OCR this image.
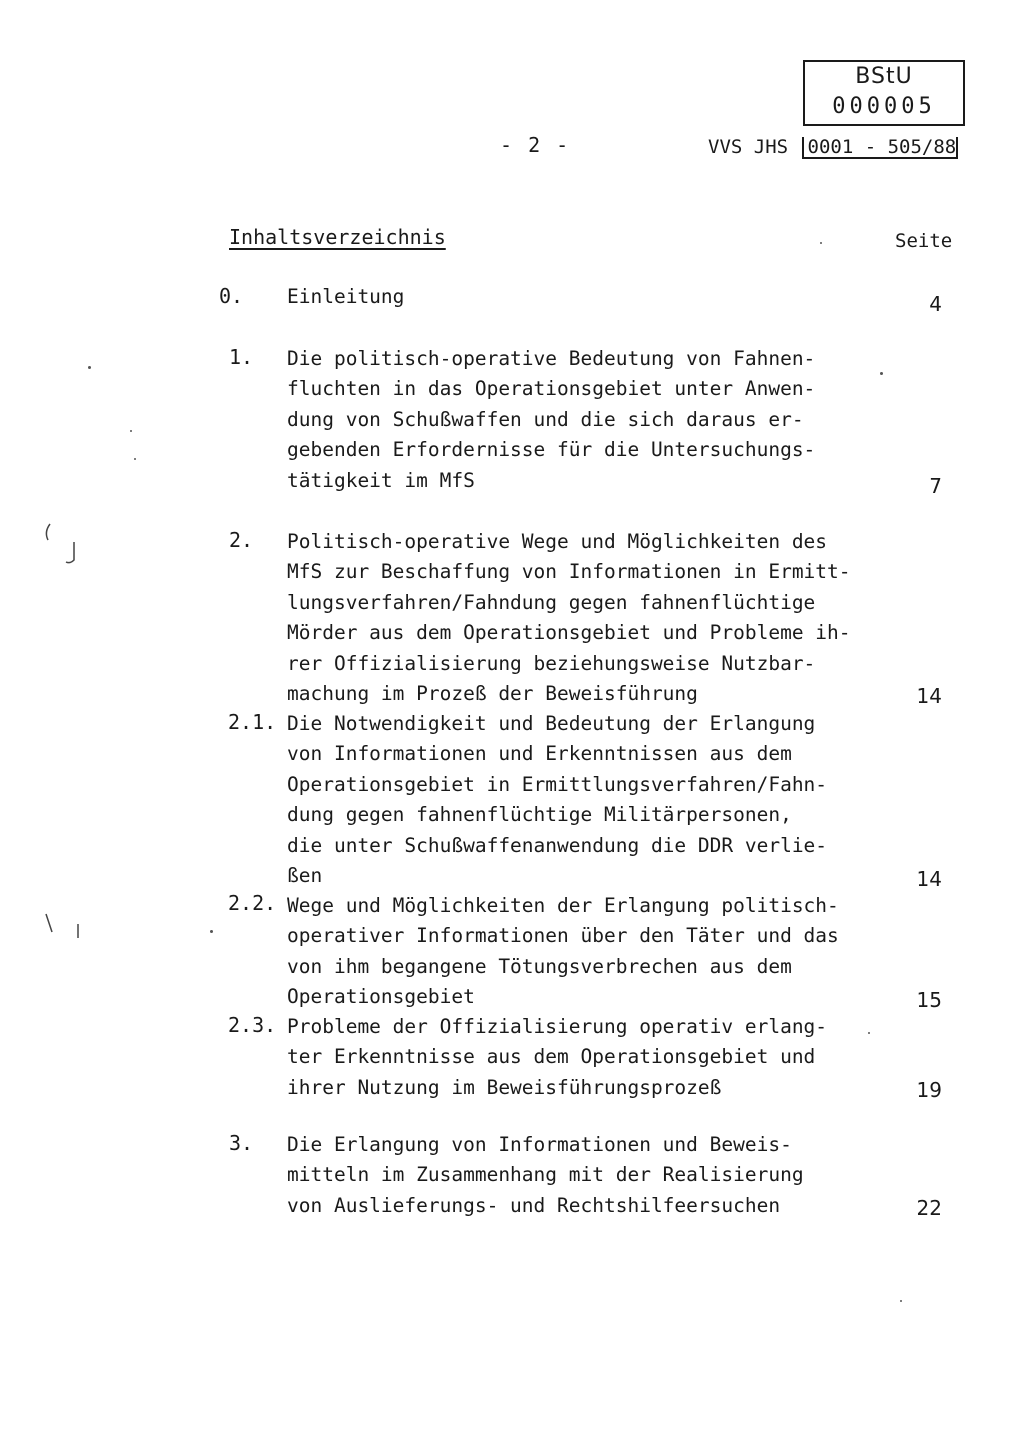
BStU
000005
- 2 -	VVS JHS 0001 - 505/88
Inhaltsverzeichnis	Seite
0. Einleitung	4
1. Die politisch-operative Bedeutung von Fahnen-
fluchten in das Operationsgebiet unter Anwen-
dung von Schußwaffen und die sich daraus er-
gebenden Erfordernisse für die Untersuchungs-
tätigkeit im MfS	7
2. Politisch-operative Wege und Möglichkeiten des
MfS zur Beschaffung von Informationen in Ermitt-
lungsverfahren/Fahndung gegen fahnenflüchtige
Mörder aus dem Operationsgebiet und Probleme ih-
rer Offizialisierung beziehungsweise Nutzbar-
machung im Prozeß der Beweisführung	14
2.1. Die Notwendigkeit und Bedeutung der Erlangung
von Informationen und Erkenntnissen aus dem
Operationsgebiet in Ermittlungsverfahren/Fahn-
dung gegen fahnenflüchtige Militärpersonen,
die unter Schußwaffenanwendung die DDR verlie-
ßen	14
2.2. Wege und Möglichkeiten der Erlangung politisch-
operativer Informationen über den Täter und das
von ihm begangene Tötungsverbrechen aus dem
Operationsgebiet	15
2.3. Probleme der Offizialisierung operativ erlang-
ter Erkenntnisse aus dem Operationsgebiet und
ihrer Nutzung im Beweisführungsprozeß	19
3. Die Erlangung von Informationen und Beweis-
mitteln im Zusammenhang mit der Realisierung
von Auslieferungs- und Rechtshilfeersuchen	22
